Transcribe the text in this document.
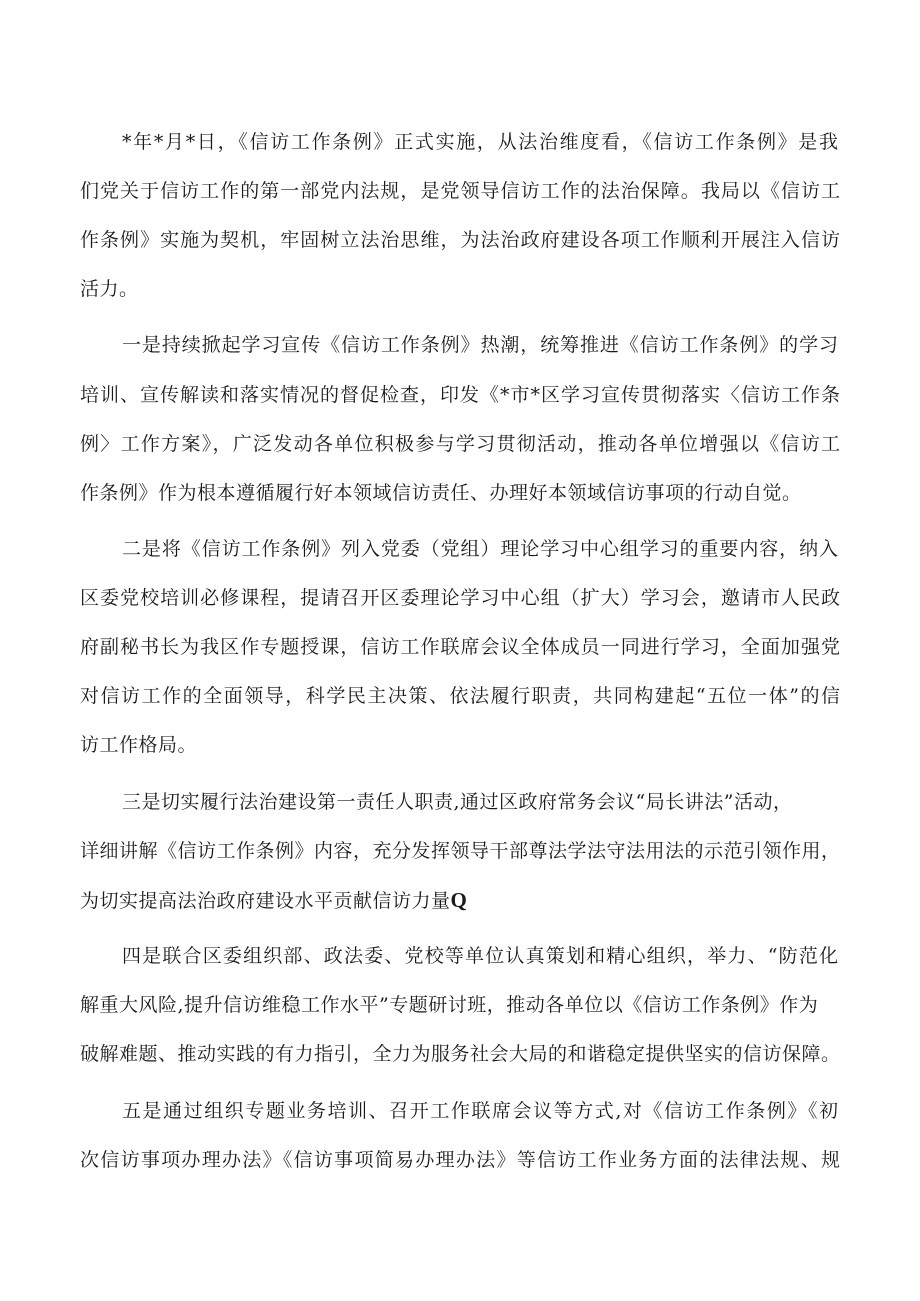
*年*月*日，《信访工作条例》正式实施，从法治维度看，《信访工作条例》是我
们党关于信访工作的第一部党内法规，是党领导信访工作的法治保障。我局以《信访工
作条例》实施为契机，牢固树立法治思维，为法治政府建设各项工作顺利开展注入信访
活力。
一是持续掀起学习宣传《信访工作条例》热潮，统筹推进《信访工作条例》的学习
培训、宣传解读和落实情况的督促检查，印发《*市*区学习宣传贯彻落实〈信访工作条
例〉工作方案》，广泛发动各单位积极参与学习贯彻活动，推动各单位增强以《信访工
作条例》作为根本遵循履行好本领域信访责任、办理好本领域信访事项的行动自觉。
二是将《信访工作条例》列入党委（党组）理论学习中心组学习的重要内容，纳入
区委党校培训必修课程，提请召开区委理论学习中心组（扩大）学习会，邀请市人民政
府副秘书长为我区作专题授课，信访工作联席会议全体成员一同进行学习，全面加强党
对信访工作的全面领导，科学民主决策、依法履行职责，共同构建起“五位一体”的信
访工作格局。
三是切实履行法治建设第一责任人职责,通过区政府常务会议“局长讲法”活动，
详细讲解《信访工作条例》内容，充分发挥领导干部尊法学法守法用法的示范引领作用，
为切实提高法治政府建设水平贡献信访力量Q
四是联合区委组织部、政法委、党校等单位认真策划和精心组织，举力、“防范化
解重大风险,提升信访维稳工作水平”专题研讨班，推动各单位以《信访工作条例》作为
破解难题、推动实践的有力指引，全力为服务社会大局的和谐稳定提供坚实的信访保障。
五是通过组织专题业务培训、召开工作联席会议等方式,对《信访工作条例》《初
次信访事项办理办法》《信访事项简易办理办法》等信访工作业务方面的法律法规、规
